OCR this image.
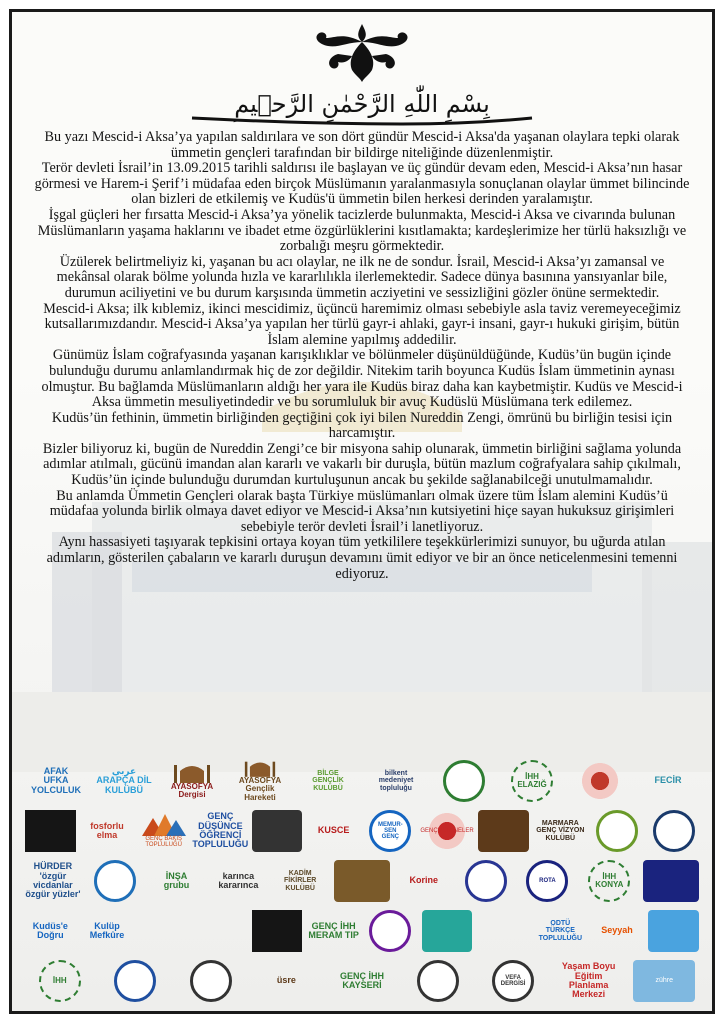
بِسْمِ اللّٰهِ الرَّحْمٰنِ الرَّح۪يمِ

Bu yazı Mescid-i Aksa’ya yapılan saldırılara ve son dört gündür Mescid-i Aksa'da yaşanan olaylara tepki olarak ümmetin gençleri tarafından bir bildirge niteliğinde düzenlenmiştir.

Terör devleti İsrail’in 13.09.2015 tarihli saldırısı ile başlayan ve üç gündür devam eden, Mescid-i Aksa’nın hasar görmesi ve Harem-i Şerif’i müdafaa eden birçok Müslümanın yaralanmasıyla sonuçlanan olaylar ümmet bilincinde olan bizleri de etkilemiş ve Kudüs'ü ümmetin bilen herkesi derinden yaralamıştır.

İşgal güçleri her fırsatta Mescid-i Aksa’ya yönelik tacizlerde bulunmakta, Mescid-i Aksa ve civarında bulunan Müslümanların yaşama haklarını ve ibadet etme özgürlüklerini kısıtlamakta; kardeşlerimize her türlü haksızlığı ve zorbalığı meşru görmektedir.

Üzülerek belirtmeliyiz ki, yaşanan bu acı olaylar, ne ilk ne de sondur. İsrail, Mescid-i Aksa’yı zamansal ve mekânsal olarak bölme yolunda hızla ve kararlılıkla ilerlemektedir. Sadece dünya basınına yansıyanlar bile, durumun aciliyetini ve bu durum karşısında ümmetin acziyetini ve sessizliğini gözler önüne sermektedir.

Mescid-i Aksa; ilk kıblemiz, ikinci mescidimiz, üçüncü haremimiz olması sebebiyle asla taviz veremeyeceğimiz kutsallarımızdandır. Mescid-i Aksa’ya yapılan her türlü gayr-i ahlaki, gayr-i insani, gayr-ı hukuki girişim, bütün İslam alemine yapılmış addedilir.

Günümüz İslam coğrafyasında yaşanan karışıklıklar ve bölünmeler düşünüldüğünde, Kudüs’ün bugün içinde bulunduğu durumu anlamlandırmak hiç de zor değildir. Nitekim tarih boyunca Kudüs İslam ümmetinin aynası olmuştur. Bu bağlamda Müslümanların aldığı her yara ile Kudüs biraz daha kan kaybetmiştir. Kudüs ve Mescid-i Aksa ümmetin mesuliyetindedir ve bu sorumluluk bir avuç Kudüslü Müslümana terk edilemez.

Kudüs’ün fethinin, ümmetin birliğinden geçtiğini çok iyi bilen Nureddin Zengi, ömrünü bu birliğin tesisi için harcamıştır.

Bizler biliyoruz ki, bugün de Nureddin Zengi’ce bir misyona sahip olunarak, ümmetin birliğini sağlama yolunda adımlar atılmalı, gücünü imandan alan kararlı ve vakarlı bir duruşla, bütün mazlum coğrafyalara sahip çıkılmalı, Kudüs’ün içinde bulunduğu durumdan kurtuluşunun ancak bu şekilde sağlanabilceği unutulmamalıdır.

Bu anlamda Ümmetin Gençleri olarak başta Türkiye müslümanları olmak üzere tüm İslam alemini Kudüs’ü müdafaa yolunda birlik olmaya davet ediyor ve Mescid-i Aksa’nın kutsiyetini hiçe sayan hukuksuz girişimleri sebebiyle terör devleti İsrail’i lanetliyoruz.

Aynı hassasiyeti taşıyarak tepkisini ortaya koyan tüm yetkililere teşekkürlerimizi sunuyor, bu uğurda atılan adımların, gösterilen çabaların ve kararlı duruşun devamını ümit ediyor ve bir an önce neticelenmesini temenni ediyoruz.

AFAK
UFKA YOLCULUK
عربي
ARAPÇA DİL KULÜBÜ	AYASOFYA
Dergisi
AYASOFYA
Gençlik Hareketi
BİLGE
GENÇLİK
KULÜBÜ
bilkent
medeniyet
topluluğu
İHH
ELAZIĞ	FECİR
fosforlu elma	GENÇ BAKIŞ TOPLULUĞU
GENÇ DÜŞÜNCE
ÖĞRENCİ TOPLULUĞU
KUSCE
MEMUR-SEN
GENÇ
GENÇMÜMİNELER
MARMARA
GENÇ VİZYON
KULÜBÜ
HÜRDER
'özgür vicdanlar özgür yüzler'
İNŞA
grubu
karınca kararınca
KADİM
FİKİRLER
KULÜBÜ
Korine	ROTA
İHH
KONYA
Kudüs'e
Doğru
Kulüp
Mefkûre
GENÇ İHH
MERAM TIP
ODTÜ
TÜRKÇE
TOPLULUĞU
Seyyah
İHH	üsre	GENÇ İHH
KAYSERİ
VEFA
DERGİSİ
Yaşam Boyu
Eğitim Planlama Merkezi
zühre
